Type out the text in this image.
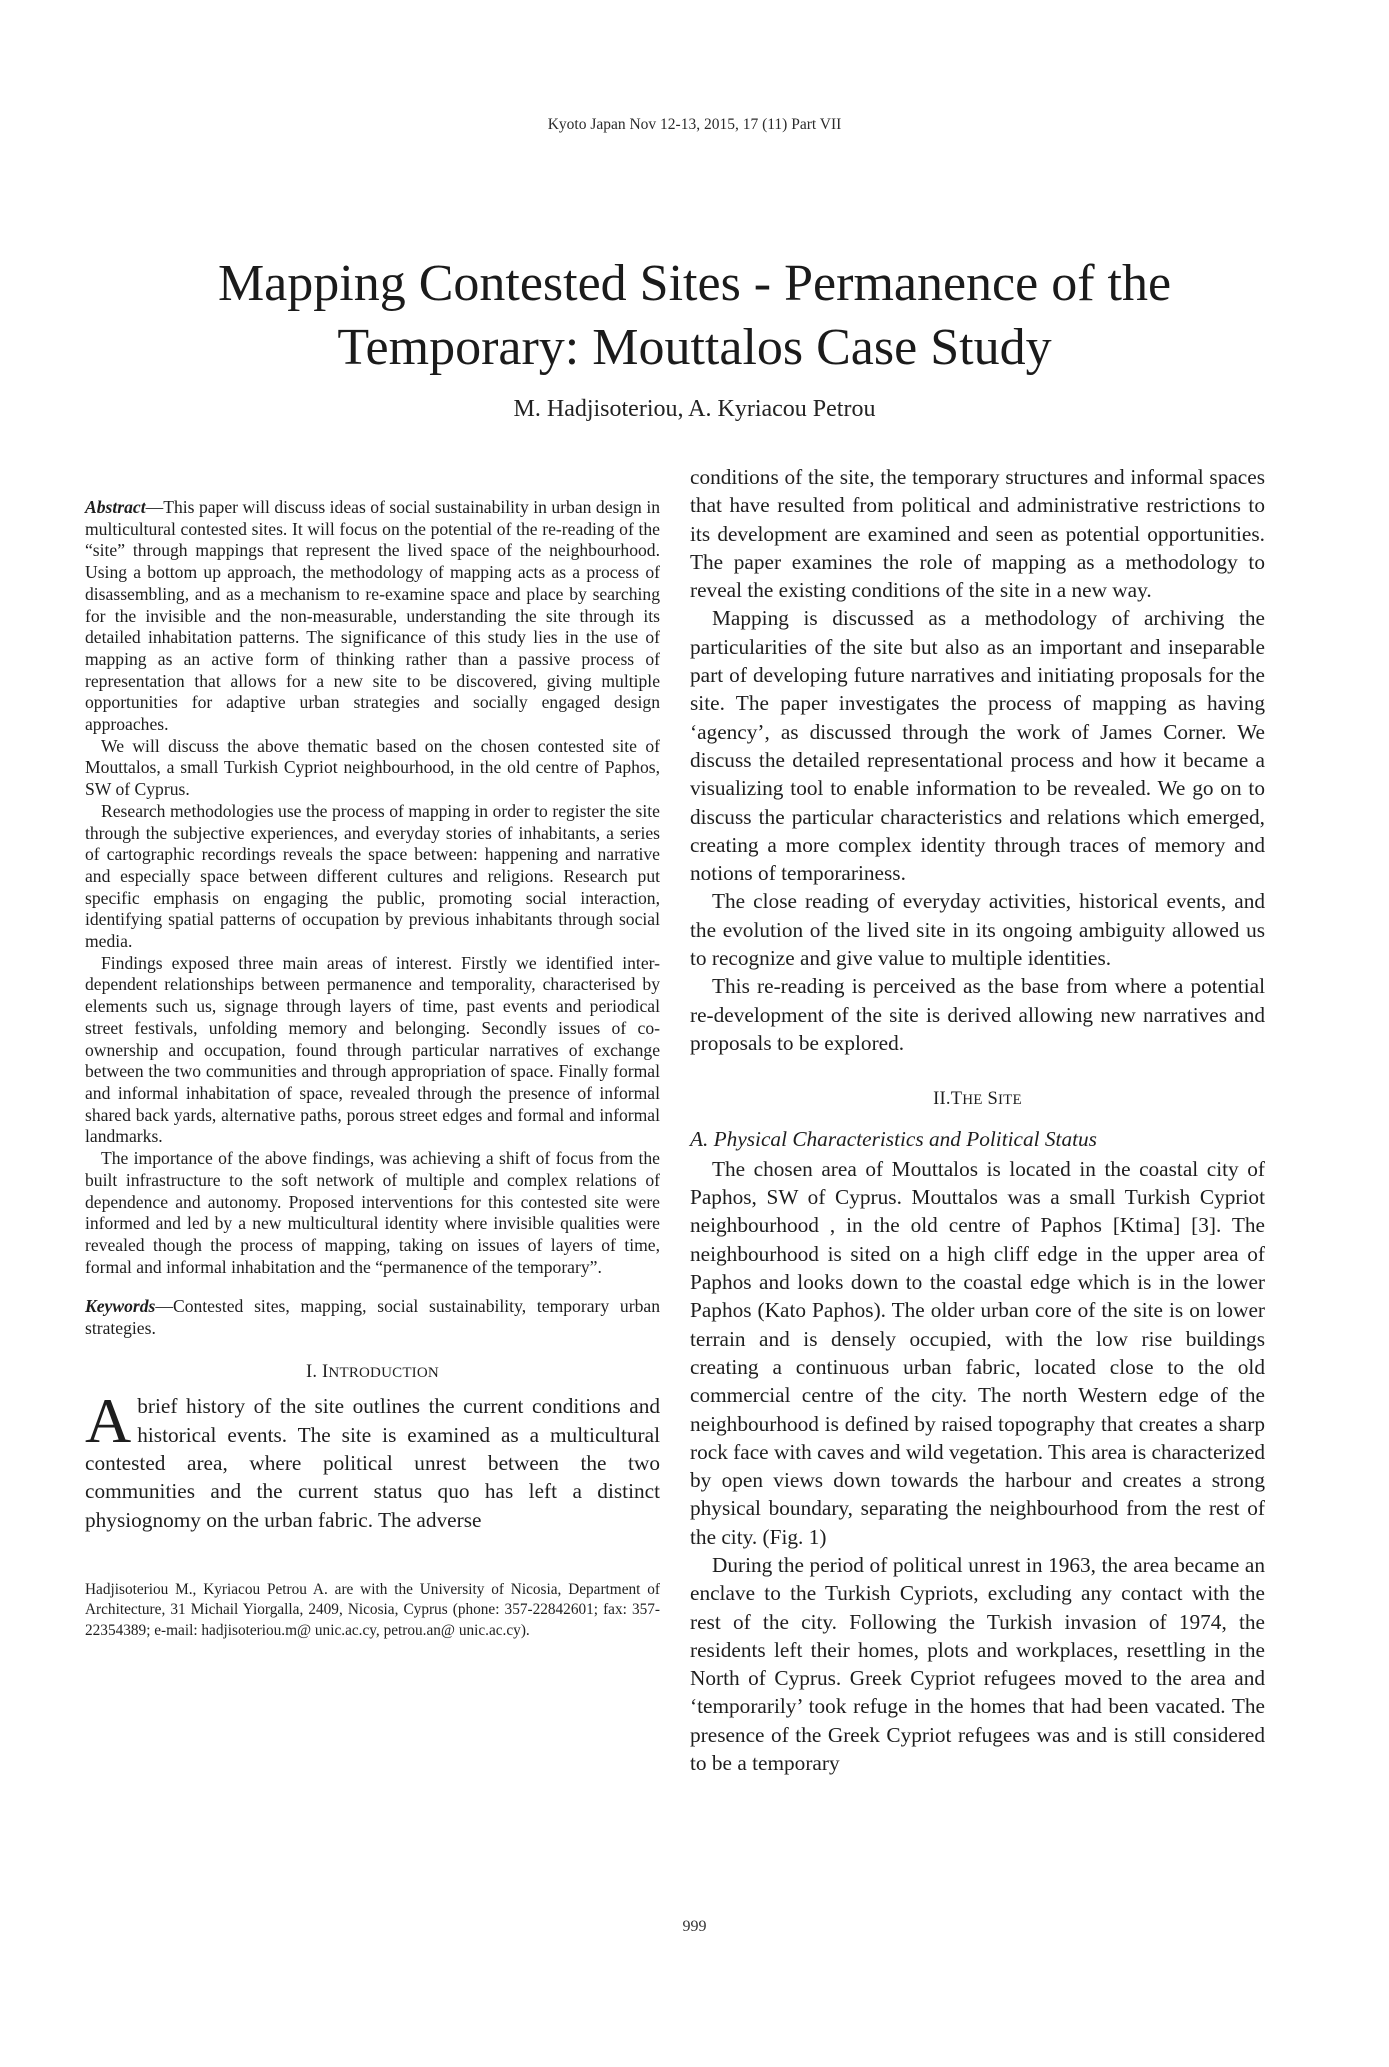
Kyoto Japan Nov 12-13, 2015, 17 (11) Part VII
Mapping Contested Sites - Permanence of the
Temporary: Mouttalos Case Study
M. Hadjisoteriou, A. Kyriacou Petrou

Abstract—This paper will discuss ideas of social sustainability in urban design in multicultural contested sites. It will focus on the potential of the re-reading of the “site” through mappings that represent the lived space of the neighbourhood. Using a bottom up approach, the methodology of mapping acts as a process of disassembling, and as a mechanism to re-examine space and place by searching for the invisible and the non-measurable, understanding the site through its detailed inhabitation patterns. The significance of this study lies in the use of mapping as an active form of thinking rather than a passive process of representation that allows for a new site to be discovered, giving multiple opportunities for adaptive urban strategies and socially engaged design approaches.

We will discuss the above thematic based on the chosen contested site of Mouttalos, a small Turkish Cypriot neighbourhood, in the old centre of Paphos, SW of Cyprus.

Research methodologies use the process of mapping in order to register the site through the subjective experiences, and everyday stories of inhabitants, a series of cartographic recordings reveals the space between: happening and narrative and especially space between different cultures and religions. Research put specific emphasis on engaging the public, promoting social interaction, identifying spatial patterns of occupation by previous inhabitants through social media.

Findings exposed three main areas of interest. Firstly we identified inter-dependent relationships between permanence and temporality, characterised by elements such us, signage through layers of time, past events and periodical street festivals, unfolding memory and belonging. Secondly issues of co-ownership and occupation, found through particular narratives of exchange between the two communities and through appropriation of space. Finally formal and informal inhabitation of space, revealed through the presence of informal shared back yards, alternative paths, porous street edges and formal and informal landmarks.

The importance of the above findings, was achieving a shift of focus from the built infrastructure to the soft network of multiple and complex relations of dependence and autonomy. Proposed interventions for this contested site were informed and led by a new multicultural identity where invisible qualities were revealed though the process of mapping, taking on issues of layers of time, formal and informal inhabitation and the “permanence of the temporary”.

Keywords—Contested sites, mapping, social sustainability, temporary urban strategies.

I. INTRODUCTION
Abrief history of the site outlines the current conditions and historical events. The site is examined as a multicultural contested area, where political unrest between the two communities and the current status quo has left a distinct physiognomy on the urban fabric. The adverse
Hadjisoteriou M., Kyriacou Petrou A. are with the University of Nicosia, Department of Architecture, 31 Michail Yiorgalla, 2409, Nicosia, Cyprus (phone: 357-22842601; fax: 357-22354389; e-mail: hadjisoteriou.m@ unic.ac.cy, petrou.an@ unic.ac.cy).

conditions of the site, the temporary structures and informal spaces that have resulted from political and administrative restrictions to its development are examined and seen as potential opportunities. The paper examines the role of mapping as a methodology to reveal the existing conditions of the site in a new way.

Mapping is discussed as a methodology of archiving the particularities of the site but also as an important and inseparable part of developing future narratives and initiating proposals for the site. The paper investigates the process of mapping as having ‘agency’, as discussed through the work of James Corner. We discuss the detailed representational process and how it became a visualizing tool to enable information to be revealed. We go on to discuss the particular characteristics and relations which emerged, creating a more complex identity through traces of memory and notions of temporariness.

The close reading of everyday activities, historical events, and the evolution of the lived site in its ongoing ambiguity allowed us to recognize and give value to multiple identities.

This re-reading is perceived as the base from where a potential re-development of the site is derived allowing new narratives and proposals to be explored.

II.THE SITE

A. Physical Characteristics and Political Status

The chosen area of Mouttalos is located in the coastal city of Paphos, SW of Cyprus. Mouttalos was a small Turkish Cypriot neighbourhood , in the old centre of Paphos [Ktima] [3]. The neighbourhood is sited on a high cliff edge in the upper area of Paphos and looks down to the coastal edge which is in the lower Paphos (Kato Paphos). The older urban core of the site is on lower terrain and is densely occupied, with the low rise buildings creating a continuous urban fabric, located close to the old commercial centre of the city. The north Western edge of the neighbourhood is defined by raised topography that creates a sharp rock face with caves and wild vegetation. This area is characterized by open views down towards the harbour and creates a strong physical boundary, separating the neighbourhood from the rest of the city. (Fig. 1)

During the period of political unrest in 1963, the area became an enclave to the Turkish Cypriots, excluding any contact with the rest of the city. Following the Turkish invasion of 1974, the residents left their homes, plots and workplaces, resettling in the North of Cyprus. Greek Cypriot refugees moved to the area and ‘temporarily’ took refuge in the homes that had been vacated. The presence of the Greek Cypriot refugees was and is still considered to be a temporary

999
